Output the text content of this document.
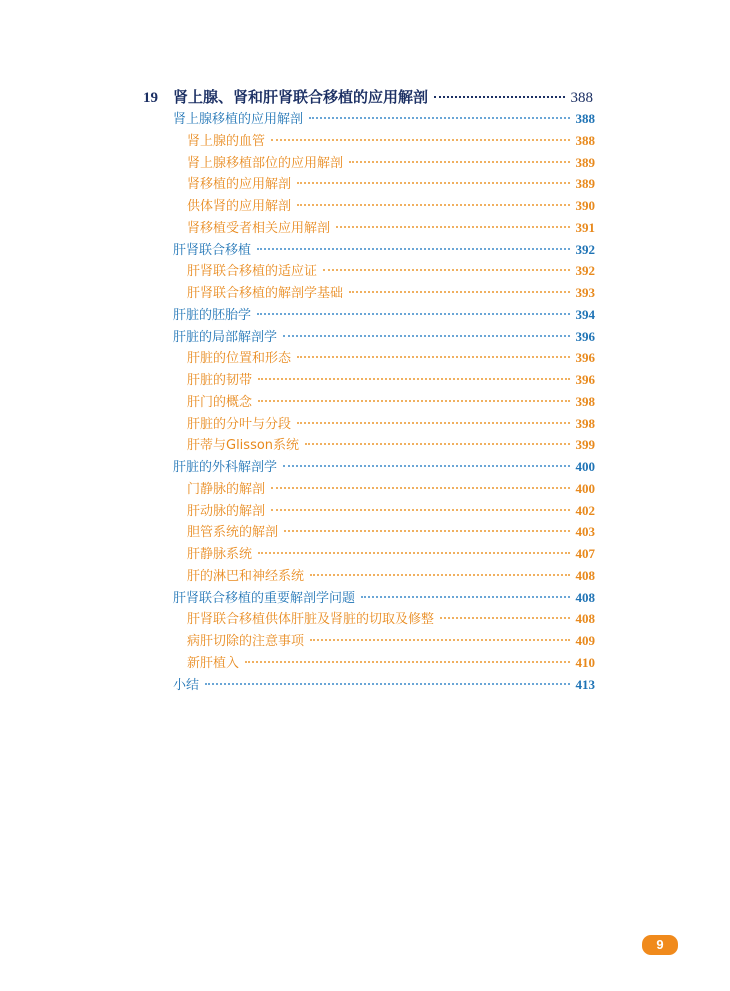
19	肾上腺、肾和肝肾联合移植的应用解剖	388
肾上腺移植的应用解剖	388
肾上腺的血管	388
肾上腺移植部位的应用解剖	389
肾移植的应用解剖	389
供体肾的应用解剖	390
肾移植受者相关应用解剖	391
肝肾联合移植	392
肝肾联合移植的适应证	392
肝肾联合移植的解剖学基础	393
肝脏的胚胎学	394
肝脏的局部解剖学	396
肝脏的位置和形态	396
肝脏的韧带	396
肝门的概念	398
肝脏的分叶与分段	398
肝蒂与Glisson系统	399
肝脏的外科解剖学	400
门静脉的解剖	400
肝动脉的解剖	402
胆管系统的解剖	403
肝静脉系统	407
肝的淋巴和神经系统	408
肝肾联合移植的重要解剖学问题	408
肝肾联合移植供体肝脏及肾脏的切取及修整	408
病肝切除的注意事项	409
新肝植入	410
小结	413
9
